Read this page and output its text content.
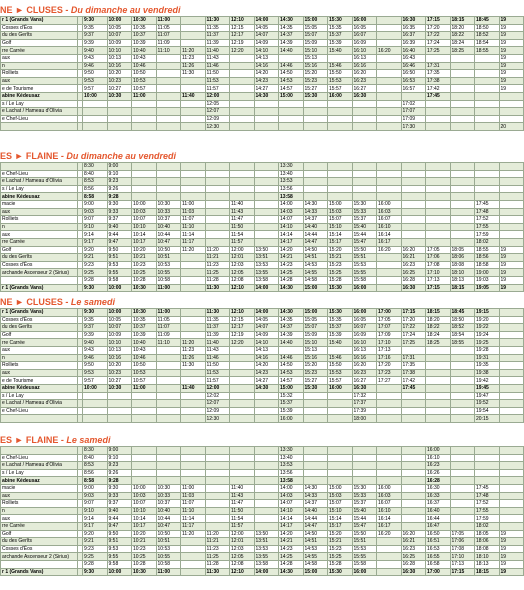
NE ► CLUSES - Du dimanche au vendredi
r 1 (Grands Vans)		9:30	10:00	10:30	11:00		11:30	12:10	14:00	14:30	15:00	15:30	16:00		16:30	17:15	18:15	18:45	19
Cosses d'Éos		9:35	10:05	10:35	11:05		11:35	12:15	14:05	14:35	15:05	15:35	16:05		16:35	17:20	18:20	18:50	19
du des Gerîts		9:37	10:07	10:37	11:07		11:37	12:17	14:07	14:37	15:07	15:37	16:07		16:37	17:22	18:22	18:52	19
Golf		9:39	10:09	10:39	11:09		11:39	12:19	14:09	14:39	15:09	15:39	16:09		16:39	17:24	18:24	18:54	19
rre Carrée		9:40	10:10	10:40	11:10	11:20	11:40	12:20	14:10	14:40	15:10	15:40	16:10	16:20	16:40	17:25	18:25	18:55	19
aux		9:43	10:13	10:43		11:23	11:43		14:13		15:13		16:13		16:43				19
n		9:46	10:16	10:46		11:26	11:46		14:16	14:46	15:16	15:46	16:16		16:46	17:31			19
Rolliets		9:50	10:20	10:50		11:30	11:50		14:20	14:50	15:20	15:50	16:20		16:50	17:35			19
aux		9:53	10:23	10:53			11:53		14:23	14:53	15:23	15:53	16:23		16:53	17:38			19
e de Tourisme		9:57	10:27	10:57			11:57		14:27	14:57	15:27	15:57	16:27		16:57	17:42			19
abine Kédeusaz		10:00	10:30	11:00		11:40	12:00		14:30	15:00	15:30	16:00	16:30			17:45			
s / Le Lay							12:05								17:02				
e Lachat / Hameau d'Olivia							12:07								17:07				
e Chef-Lieu							12:09								17:09				
							12:30								17:30				20
ES ► FLAINE - Du dimanche au vendredi
		8:30	9:00							13:30									
e Chef-Lieu		8:40	9:10							13:40									
e Lachat / Hameau d'Olivia		8:53	9:23							13:53									
s / Le Lay		8:56	9:26							13:56									
abine Kédeusaz		8:58	9:28							13:58									
macie		9:00	9:30	10:00	10:30	11:00		11:40		14:00	14:30	15:00	15:30	16:00				17:45	
aux		9:03	9:33	10:03	10:33	11:03		11:43		14:03	14:33	15:03	15:33	16:03				17:48	
Rolliets		9:07	9:37	10:07	10:37	11:07		11:47		14:07	14:37	15:07	15:37	16:07				17:52	
n		9:10	9:40	10:10	10:40	11:10		11:50		14:10	14:40	15:10	15:40	16:10				17:55	
aux		9:14	9:44	10:14	10:44	11:14		11:54		14:14	14:44	15:14	15:44	16:14				17:59	
rre Carrée		9:17	9:47	10:17	10:47	11:17		11:57		14:17	14:47	15:17	15:47	16:17				18:02	
Golf		9:20	9:50	10:20	10:50	11:20	11:20	12:00	13:50	14:20	14:50	15:20	15:50	16:20	16:20	17:05	18:05	18:55	19
du des Gerîts		9:21	9:51	10:21	10:51		11:21	12:01	13:51	14:21	14:51	15:21	15:51		16:21	17:06	18:06	18:56	19
Cosses d'Éos		9:23	9:53	10:23	10:53		11:23	12:03	13:53	14:23	14:53	15:23	15:53		16:23	17:08	18:08	18:58	19
archande Ascenseur 2 (Sirius)		9:25	9:55	10:25	10:55		11:25	12:05	13:55	14:25	14:55	15:25	15:55		16:25	17:10	18:10	19:00	19
		9:28	9:58	10:28	10:58		11:28	12:08	13:58	14:28	14:58	15:28	15:58		16:28	17:13	18:13	19:03	19
r 1 (Grands Vans)		9:30	10:00	10:30	11:00		11:30	12:10	14:00	14:30	15:00	15:30	16:00		16:30	17:15	18:15	19:05	19
NE ► CLUSES - Le samedi
r 1 (Grands Vans)		9:30	10:00	10:30	11:00		11:30	12:10	14:00	14:30	15:00	15:30	16:00	17:00	17:15	18:15	18:45	19:15	
Cosses d'Éos		9:35	10:05	10:35	11:05		11:35	12:15	14:05	14:35	15:05	15:35	16:05	17:05	17:20	18:20	18:50	19:20	
du des Gerîts		9:37	10:07	10:37	11:07		11:37	12:17	14:07	14:37	15:07	15:37	16:07	17:07	17:22	18:22	18:52	19:22	
Golf		9:39	10:09	10:39	11:09		11:39	12:19	14:09	14:39	15:09	15:39	16:09	17:09	17:24	18:24	18:54	19:24	
rre Carrée		9:40	10:10	10:40	11:10	11:20	11:40	12:20	14:10	14:40	15:10	15:40	16:10	17:10	17:25	18:25	18:55	19:25	
aux		9:43	10:13	10:43		11:23	11:43		14:13		15:13		16:13	17:13				19:28	
n		9:46	10:16	10:46		11:26	11:46		14:16	14:46	15:16	15:46	16:16	17:16	17:31			19:31	
Rolliets		9:50	10:20	10:50		11:30	11:50		14:20	14:50	15:20	15:50	16:20	17:20	17:35			19:35	
aux		9:53	10:23	10:53			11:53		14:23	14:53	15:23	15:53	16:23	17:23	17:38			19:38	
e de Tourisme		9:57	10:27	10:57			11:57		14:27	14:57	15:27	15:57	16:27	17:27	17:42			19:42	
abine Kédeusaz		10:00	10:30	11:00		11:40	12:00		14:30	15:00	15:30	16:00	16:30		17:45			19:45	
s / Le Lay							12:02			15:32			17:32					19:47	
e Lachat / Hameau d'Olivia							12:07			15:37			17:37					19:52	
e Chef-Lieu							12:09			15:39			17:39					19:54	
							12:30			16:00			18:00					20:15	
ES ► FLAINE - Le samedi
		8:30	9:00							13:30						16:00			
e Chef-Lieu		8:40	9:10							13:40						16:10			
e Lachat / Hameau d'Olivia		8:53	9:23							13:53						16:23			
s / Le Lay		8:56	9:26							13:56						16:26			
abine Kédeusaz		8:58	9:28							13:58						16:28			
macie		9:00	9:30	10:00	10:30	11:00		11:40		14:00	14:30	15:00	15:30	16:00		16:30		17:45	
aux		9:03	9:33	10:03	10:33	11:03		11:43		14:03	14:33	15:03	15:33	16:03		16:33		17:48	
Rolliets		9:07	9:37	10:07	10:37	11:07		11:47		14:07	14:37	15:07	15:37	16:07		16:37		17:52	
n		9:10	9:40	10:10	10:40	11:10		11:50		14:10	14:40	15:10	15:40	16:10		16:40		17:55	
aux		9:14	9:44	10:14	10:44	11:14		11:54		14:14	14:44	15:14	15:44	16:14		16:44		17:59	
rre Carrée		9:17	9:47	10:17	10:47	11:17		11:57		14:17	14:47	15:17	15:47	16:17		16:47		18:02	
Golf		9:20	9:50	10:20	10:50	11:20	11:20	12:00	13:50	14:20	14:50	15:20	15:50	16:20	16:20	16:50	17:05	18:05	19
du des Gerîts		9:21	9:51	10:21	10:51		11:21	12:01	13:51	14:21	14:51	15:21	15:51		16:21	16:51	17:06	18:06	19
Cosses d'Éos		9:23	9:53	10:23	10:53		11:23	12:03	13:53	14:23	14:53	15:23	15:53		16:23	16:53	17:08	18:08	19
archande Ascenseur 2 (Sirius)		9:25	9:55	10:25	10:55		11:25	12:05	13:55	14:25	14:55	15:25	15:55		16:25	16:55	17:10	18:10	19
		9:28	9:58	10:28	10:58		11:28	12:08	13:58	14:28	14:58	15:28	15:58		16:28	16:58	17:13	18:13	19
r 1 (Grands Vans)		9:30	10:00	10:30	11:00		11:30	12:10	14:00	14:30	15:00	15:30	16:00		16:30	17:00	17:15	18:15	19
